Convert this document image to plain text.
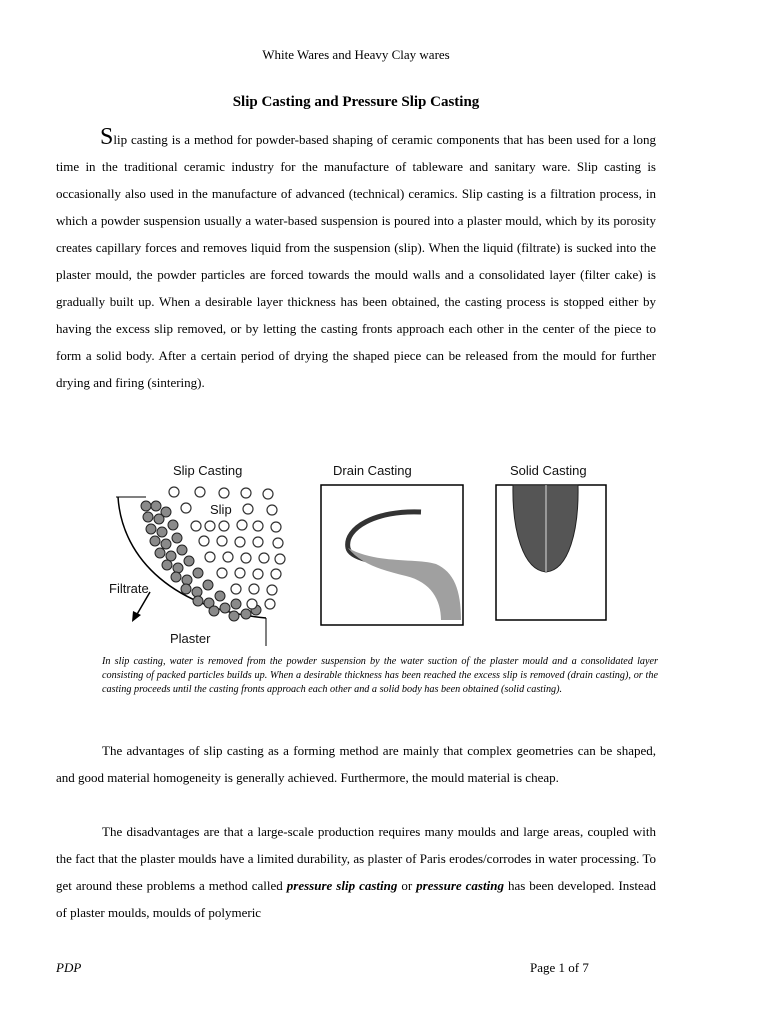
White Wares and Heavy Clay wares
Slip Casting and Pressure Slip Casting
Slip casting is a method for powder-based shaping of ceramic components that has been used for a long time in the traditional ceramic industry for the manufacture of tableware and sanitary ware. Slip casting is occasionally also used in the manufacture of advanced (technical) ceramics. Slip casting is a filtration process, in which a powder suspension usually a water-based suspension is poured into a plaster mould, which by its porosity creates capillary forces and removes liquid from the suspension (slip). When the liquid (filtrate) is sucked into the plaster mould, the powder particles are forced towards the mould walls and a consolidated layer (filter cake) is gradually built up. When a desirable layer thickness has been obtained, the casting process is stopped either by having the excess slip removed, or by letting the casting fronts approach each other in the center of the piece to form a solid body. After a certain period of drying the shaped piece can be released from the mould for further drying and firing (sintering).
Slip Casting	Drain Casting	Solid Casting
Slip
Filtrate
Plaster
In slip casting, water is removed from the powder suspension by the water suction of the plaster mould and a consolidated layer consisting of packed particles builds up. When a desirable thickness has been reached the excess slip is removed (drain casting), or the casting proceeds until the casting fronts approach each other and a solid body has been obtained (solid casting).
The advantages of slip casting as a forming method are mainly that complex geometries can be shaped, and good material homogeneity is generally achieved. Furthermore, the mould material is cheap.
The disadvantages are that a large-scale production requires many moulds and large areas, coupled with the fact that the plaster moulds have a limited durability, as plaster of Paris erodes/corrodes in water processing. To get around these problems a method called pressure slip casting or pressure casting has been developed. Instead of plaster moulds, moulds of polymeric
PDP	Page 1 of 7
